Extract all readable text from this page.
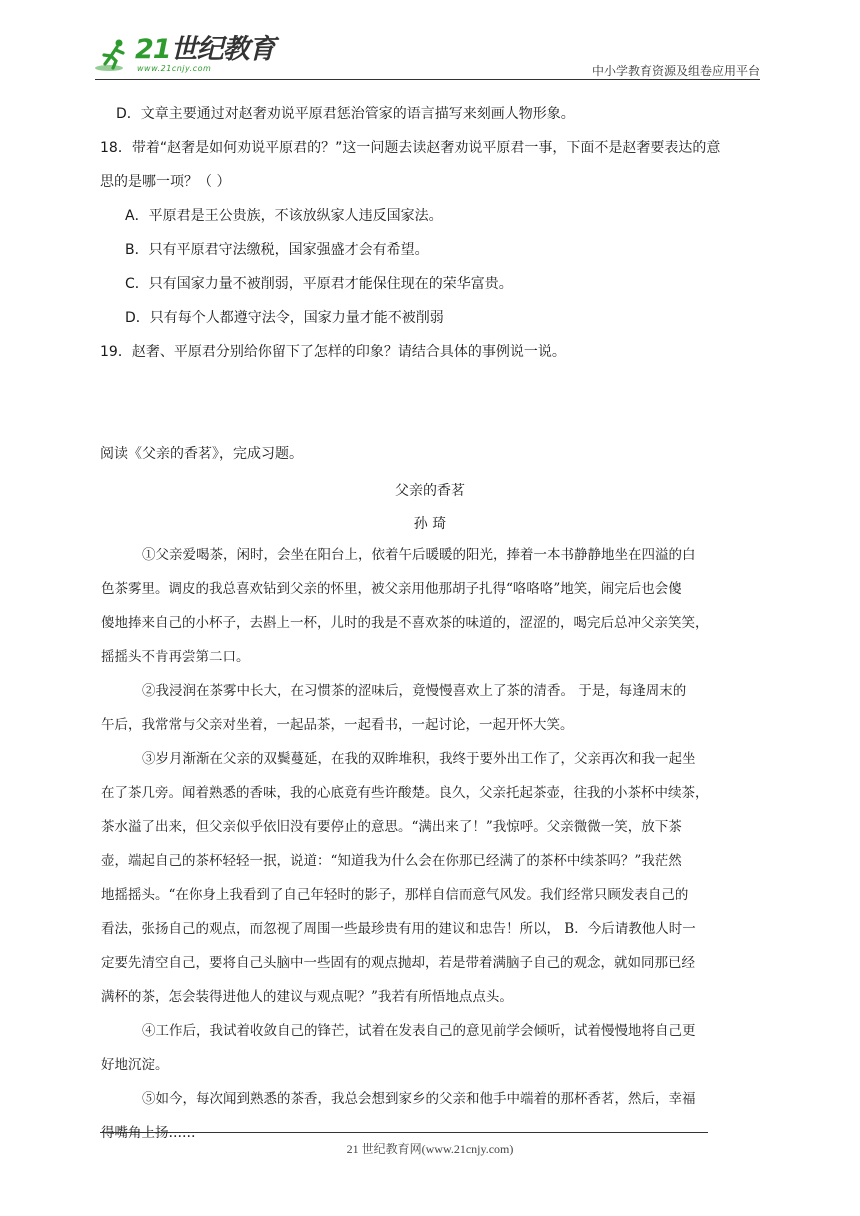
21世纪教育
www.21cnjy.com	中小学教育资源及组卷应用平台
D．文章主要通过对赵奢劝说平原君惩治管家的语言描写来刻画人物形象。
18．带着“赵奢是如何劝说平原君的？”这一问题去读赵奢劝说平原君一事，下面不是赵奢要表达的意
思的是哪一项？（ ）
A．平原君是王公贵族，不该放纵家人违反国家法。
B．只有平原君守法缴税，国家强盛才会有希望。
C．只有国家力量不被削弱，平原君才能保住现在的荣华富贵。
D．只有每个人都遵守法令，国家力量才能不被削弱
19．赵奢、平原君分别给你留下了怎样的印象？请结合具体的事例说一说。
阅读《父亲的香茗》，完成习题。
父亲的香茗
孙 琦
①父亲爱喝茶，闲时，会坐在阳台上，依着午后暖暖的阳光，捧着一本书静静地坐在四溢的白
色茶雾里。调皮的我总喜欢钻到父亲的怀里，被父亲用他那胡子扎得“咯咯咯”地笑，闹完后也会傻
傻地捧来自己的小杯子，去斟上一杯，儿时的我是不喜欢茶的味道的，涩涩的，喝完后总冲父亲笑笑，
摇摇头不肯再尝第二口。
②我浸润在茶雾中长大，在习惯茶的涩味后，竟慢慢喜欢上了茶的清香。 于是，每逢周末的
午后，我常常与父亲对坐着，一起品茶，一起看书，一起讨论，一起开怀大笑。
③岁月渐渐在父亲的双鬓蔓延，在我的双眸堆积，我终于要外出工作了，父亲再次和我一起坐
在了茶几旁。闻着熟悉的香味，我的心底竟有些许酸楚。良久，父亲托起茶壶，往我的小茶杯中续茶，
茶水溢了出来，但父亲似乎依旧没有要停止的意思。“满出来了！”我惊呼。父亲微微一笑，放下茶
壶，端起自己的茶杯轻轻一抿，说道：“知道我为什么会在你那已经满了的茶杯中续茶吗？”我茫然
地摇摇头。“在你身上我看到了自己年轻时的影子，那样自信而意气风发。我们经常只顾发表自己的
看法，张扬自己的观点，而忽视了周围一些最珍贵有用的建议和忠告！所以， B．今后请教他人时一
定要先清空自己，要将自己头脑中一些固有的观点抛却，若是带着满脑子自己的观念，就如同那已经
满杯的茶，怎会装得进他人的建议与观点呢？”我若有所悟地点点头。
④工作后，我试着收敛自己的锋芒，试着在发表自己的意见前学会倾听，试着慢慢地将自己更
好地沉淀。
⑤如今，每次闻到熟悉的茶香，我总会想到家乡的父亲和他手中端着的那杯香茗，然后，幸福
得嘴角上扬……
21 世纪教育网(www.21cnjy.com)
